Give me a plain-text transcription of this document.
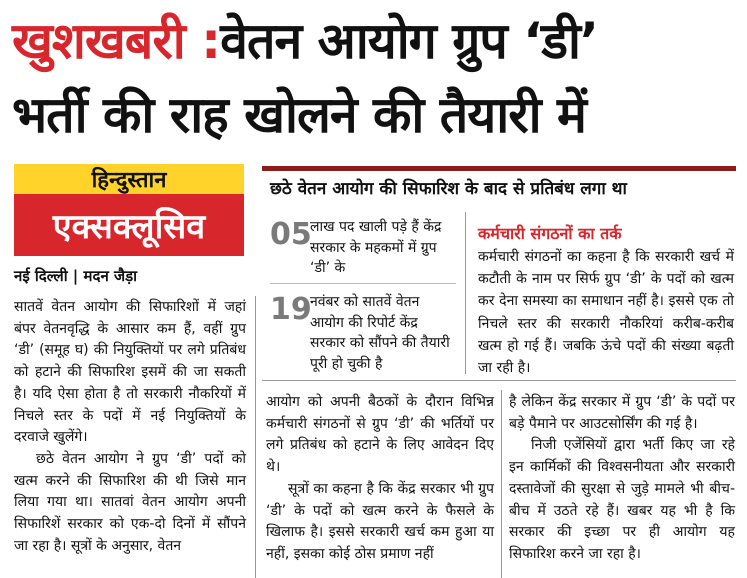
खुशखबरी :वेतन आयोग ग्रुप ‘डी’
भर्ती की राह खोलने की तैयारी में
हिन्दुस्तान
एक्सक्लूसिव
नई दिल्ली | मदन जैड़ा

सातवें वेतन आयोग की सिफारिशों में जहां बंपर वेतनवृद्धि के आसार कम हैं, वहीं ग्रुप ‘डी’ (समूह घ) की नियुक्तियों पर लगे प्रतिबंध को हटाने की सिफारिश इसमें की जा सकती है। यदि ऐसा होता है तो सरकारी नौकरियों में निचले स्तर के पदों में नई नियुक्तियों के दरवाजे खुलेंगे।

छठे वेतन आयोग ने ग्रुप ‘डी’ पदों को खत्म करने की सिफारिश की थी जिसे मान लिया गया था। सातवां वेतन आयोग अपनी सिफारिशें सरकार को एक-दो दिनों में सौंपने जा रहा है। सूत्रों के अनुसार, वेतन

छठे वेतन आयोग की सिफारिश के बाद से प्रतिबंध लगा था
05
लाख पद खाली पड़े हैं केंद्र सरकार के महकमों में ग्रुप ‘डी’ के
19
नवंबर को सातवें वेतन आयोग की रिपोर्ट केंद्र सरकार को सौंपने की तैयारी पूरी हो चुकी है
कर्मचारी संगठनों का तर्क
कर्मचारी संगठनों का कहना है कि सरकारी खर्च में कटौती के नाम पर सिर्फ ग्रुप ‘डी’ के पदों को खत्म कर देना समस्या का समाधान नहीं है। इससे एक तो निचले स्तर की सरकारी नौकरियां करीब-करीब खत्म हो गई हैं। जबकि ऊंचे पदों की संख्या बढ़ती जा रही है।

आयोग को अपनी बैठकों के दौरान विभिन्न कर्मचारी संगठनों से ग्रुप ‘डी’ की भर्तियों पर लगे प्रतिबंध को हटाने के लिए आवेदन दिए थे।

सूत्रों का कहना है कि केंद्र सरकार भी ग्रुप ‘डी’ के पदों को खत्म करने के फैसले के खिलाफ है। इससे सरकारी खर्च कम हुआ या नहीं, इसका कोई ठोस प्रमाण नहीं

है लेकिन केंद्र सरकार में ग्रुप ‘डी’ के पदों पर बड़े पैमाने पर आउटसोर्सिंग की गई है।

निजी एजेंसियों द्वारा भर्ती किए जा रहे इन कार्मिकों की विश्वसनीयता और सरकारी दस्तावेजों की सुरक्षा से जुड़े मामले भी बीच-बीच में उठते रहे हैं। खबर यह भी है कि सरकार की इच्छा पर ही आयोग यह सिफारिश करने जा रहा है।
